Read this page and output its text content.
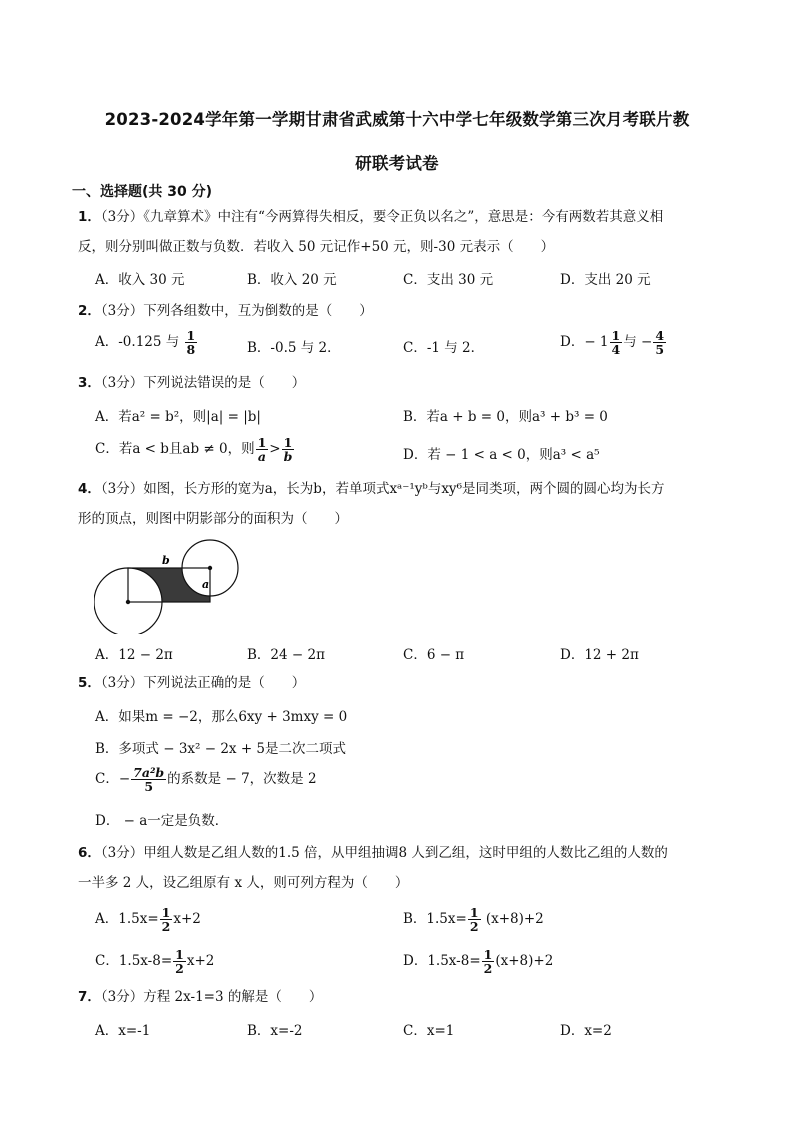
2023-2024学年第一学期甘肃省武威第十六中学七年级数学第三次月考联片教
研联考试卷
一、选择题(共 30 分)
1．（3分）《九章算术》中注有“今两算得失相反，要令正负以名之”，意思是：今有两数若其意义相
反，则分别叫做正数与负数．若收入 50 元记作+50 元，则-30 元表示（　　）
A．收入 30 元	B．收入 20 元	C．支出 30 元	D．支出 20 元
2．（3分）下列各组数中，互为倒数的是（　　）
A．-0.125 与 $\frac{1}{8}$	B．-0.5 与 2．	C．-1 与 2．	D．− $1 \frac{1}{4}$ 与 − $\frac{4}{5}$
3．（3分）下列说法错误的是（　　）
A．若a² = b²，则|a| = |b|	B．若a + b = 0，则a³ + b³ = 0
C．若a < b且ab ≠ 0，则 $\frac{1}{a} > \frac{1}{b}$	D．若 − 1 < a < 0，则a³ < a⁵
4．（3分）如图，长方形的宽为a，长为b，若单项式xᵃ⁻¹yᵇ与xy⁶是同类项，两个圆的圆心均为长方
形的顶点，则图中阴影部分的面积为（　　）
b
a
A．12 − 2π	B．24 − 2π	C．6 − π	D．12 + 2π
5．（3分）下列说法正确的是（　　）
A．如果m = −2，那么6xy + 3mxy = 0
B．多项式 − 3x² − 2x + 5是二次二项式
C．− $\frac{\text{7a²b}}{5}$ 的系数是 − 7，次数是 2
D． − a一定是负数．
6．（3分）甲组人数是乙组人数的1.5 倍，从甲组抽调8 人到乙组，这时甲组的人数比乙组的人数的
一半多 2 人，设乙组原有 x 人，则可列方程为（　　）
A．$1.5x= \frac{1}{2} x+2$	B．$1.5x= \frac{1}{2} (x+8)+2$
C．$1.5x-8= \frac{1}{2} x+2$	D．$1.5x-8= \frac{1}{2} (x+8)+2$
7．（3分）方程 2x-1=3 的解是（　　）
A．x=-1	B．x=-2	C．x=1	D．x=2
